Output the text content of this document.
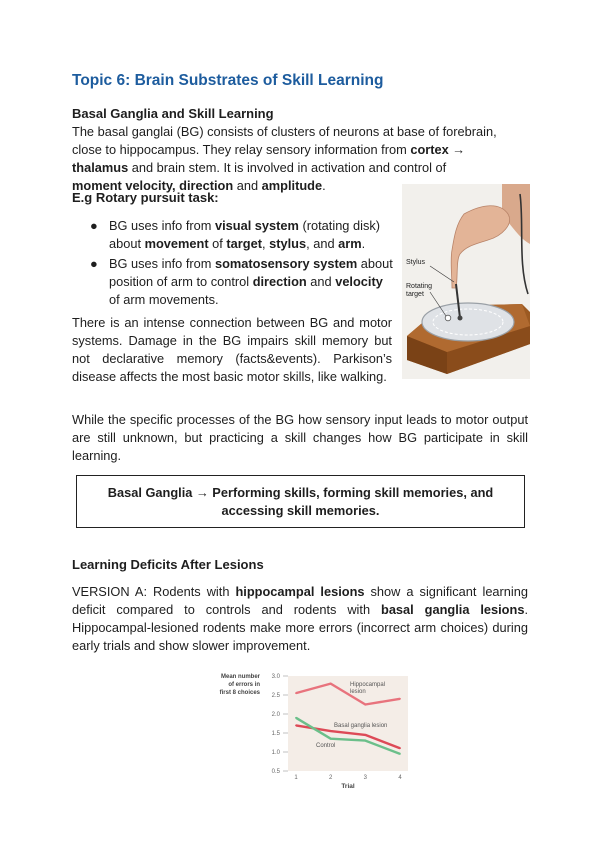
Topic 6: Brain Substrates of Skill Learning
Basal Ganglia and Skill Learning

The basal ganglai (BG) consists of clusters of neurons at base of forebrain,
close to hippocampus. They relay sensory information from cortex →
thalamus and brain stem. It is involved in activation and control of
moment velocity, direction and amplitude.

E.g Rotary pursuit task:
● BG uses info from visual system (rotating disk) about movement of target, stylus, and arm.
● BG uses info from somatosensory system about position of arm to control direction and velocity of arm movements.
Stylus
Rotating
target

There is an intense connection between BG and motor systems. Damage in the BG impairs skill memory but not declarative memory (facts&events). Parkison’s disease affects the most basic motor skills, like walking.

While the specific processes of the BG how sensory input leads to motor output are still unknown, but practicing a skill changes how BG participate in skill learning.

Basal Ganglia → Performing skills, forming skill memories, and
accessing skill memories.
Learning Deficits After Lesions

VERSION A: Rodents with hippocampal lesions show a significant learning deficit compared to controls and rodents with basal ganglia lesions. Hippocampal-lesioned rodents make more errors (incorrect arm choices) during early trials and show slower improvement.

Mean number
of errors in
first 8 choices
3.0
2.5
2.0
1.5
1.0
0.5
1	2	3	4
Trial
Hippocampal
lesion
Basal ganglia lesion
Control
